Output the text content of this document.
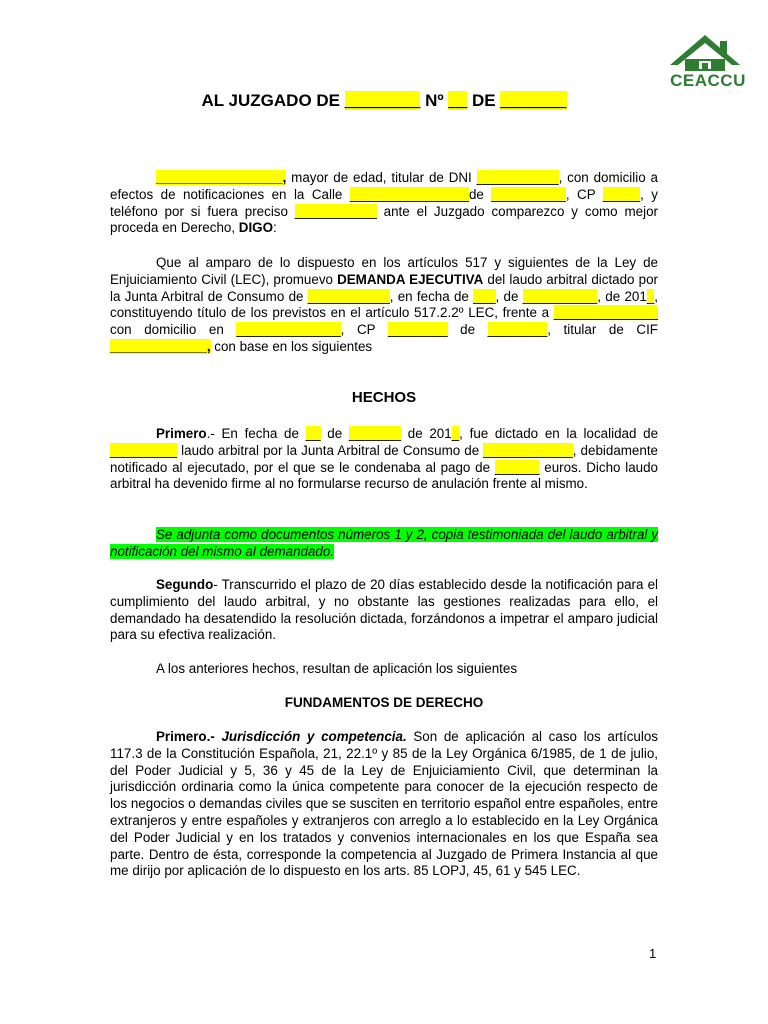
CEACCU
AL JUZGADO DE ________ Nº __ DE _______

_________________, mayor de edad, titular de DNI ___________, con domicilio a efectos de notificaciones en la Calle ________________de __________, CP _____, y teléfono por si fuera preciso ___________ ante el Juzgado comparezco y como mejor proceda en Derecho, DIGO:

Que al amparo de lo dispuesto en los artículos 517 y siguientes de la Ley de Enjuiciamiento Civil (LEC), promuevo DEMANDA EJECUTIVA del laudo arbitral dictado por la Junta Arbitral de Consumo de ___________, en fecha de ___, de __________, de 201_, constituyendo título de los previstos en el artículo 517.2.2º LEC, frente a ______________ con domicilio en ______________, CP ________ de ________, titular de CIF _____________, con base en los siguientes

HECHOS

Primero.- En fecha de __ de _______ de 201_, fue dictado en la localidad de _________ laudo arbitral por la Junta Arbitral de Consumo de ____________, debidamente notificado al ejecutado, por el que se le condenaba al pago de ______ euros. Dicho laudo arbitral ha devenido firme al no formularse recurso de anulación frente al mismo.

Se adjunta como documentos números 1 y 2, copia testimoniada del laudo arbitral y notificación del mismo al demandado.

Segundo- Transcurrido el plazo de 20 días establecido desde la notificación para el cumplimiento del laudo arbitral, y no obstante las gestiones realizadas para ello, el demandado ha desatendido la resolución dictada, forzándonos a impetrar el amparo judicial para su efectiva realización.

A los anteriores hechos, resultan de aplicación los siguientes

FUNDAMENTOS DE DERECHO

Primero.- Jurisdicción y competencia. Son de aplicación al caso los artículos 117.3 de la Constitución Española, 21, 22.1º y 85 de la Ley Orgánica 6/1985, de 1 de julio, del Poder Judicial y 5, 36 y 45 de la Ley de Enjuiciamiento Civil, que determinan la jurisdicción ordinaria como la única competente para conocer de la ejecución respecto de los negocios o demandas civiles que se susciten en territorio español entre españoles, entre extranjeros y entre españoles y extranjeros con arreglo a lo establecido en la Ley Orgánica del Poder Judicial y en los tratados y convenios internacionales en los que España sea parte. Dentro de ésta, corresponde la competencia al Juzgado de Primera Instancia al que me dirijo por aplicación de lo dispuesto en los arts. 85 LOPJ, 45, 61 y 545 LEC.

1
